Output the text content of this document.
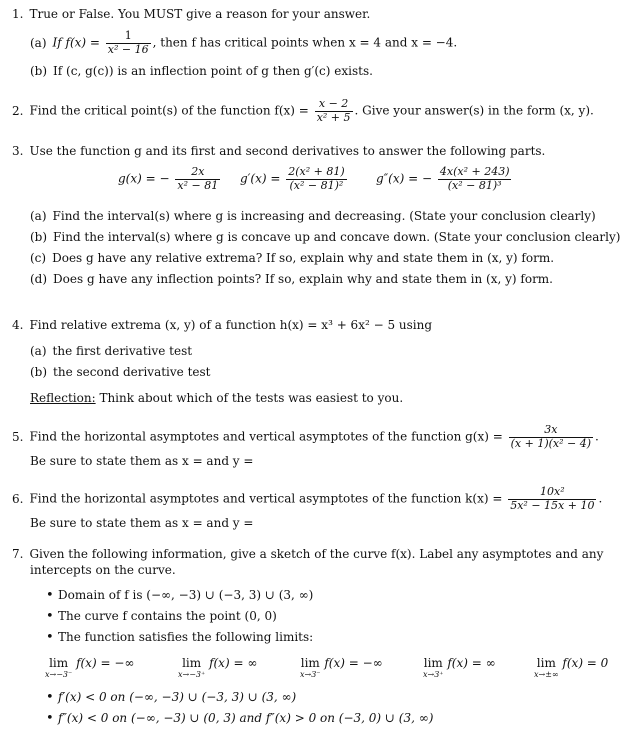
1. True or False. You MUST give a reason for your answer.
(a) If $f(x) = \frac{1}{\text{x² − 16}}$ , then f has critical points when x = 4 and x = −4.
(b) If (c, g(c)) is an inflection point of g then g′(c) exists.
2. Find the critical point(s) of the function $f(x) = \frac{x - 2}{\text{x² + 5}}$ . Give your answer(s) in the form (x, y).
3. Use the function g and its first and second derivatives to answer the following parts.
g(x) = − $\frac{2x}{\text{x² − 81}} g'(x) = \frac{\text{2(x² + 81)}}{\text{(x² − 81)²}} g''(x)$ = − $\frac{\text{4x(x² + 243)}}{\text{(x² − 81)³}}$
(a) Find the interval(s) where g is increasing and decreasing. (State your conclusion clearly)
(b) Find the interval(s) where g is concave up and concave down. (State your conclusion clearly)
(c) Does g have any relative extrema? If so, explain why and state them in (x, y) form.
(d) Does g have any inflection points? If so, explain why and state them in (x, y) form.
4. Find relative extrema (x, y) of a function h(x) = x³ + 6x² − 5 using
(a) the first derivative test
(b) the second derivative test
Reflection: Think about which of the tests was easiest to you.
5. Find the horizontal asymptotes and vertical asymptotes of the function $g(x) = \frac{3x}{\text{(x + 1)(x² − 4)}}$ .
Be sure to state them as x = and y =
6. Find the horizontal asymptotes and vertical asymptotes of the function $k(x) = \frac{\text{10x²}}{\text{5x² − 15x + 10}}$ .
Be sure to state them as x = and y =
7. Given the following information, give a sketch of the curve f(x). Label any asymptotes and any
intercepts on the curve.
• Domain of f is (−∞, −3) ∪ (−3, 3) ∪ (3, ∞)
• The curve f contains the point (0, 0)
• The function satisfies the following limits:
lim
x→−3⁻
f(x) = −∞	lim
x→−3⁺
f(x) = ∞	lim
x→3⁻
f(x) = −∞	lim
x→3⁺
f(x) = ∞	lim
x→±∞
f(x) = 0
• f′(x) < 0 on (−∞, −3) ∪ (−3, 3) ∪ (3, ∞)
• f″(x) < 0 on (−∞, −3) ∪ (0, 3) and f″(x) > 0 on (−3, 0) ∪ (3, ∞)
